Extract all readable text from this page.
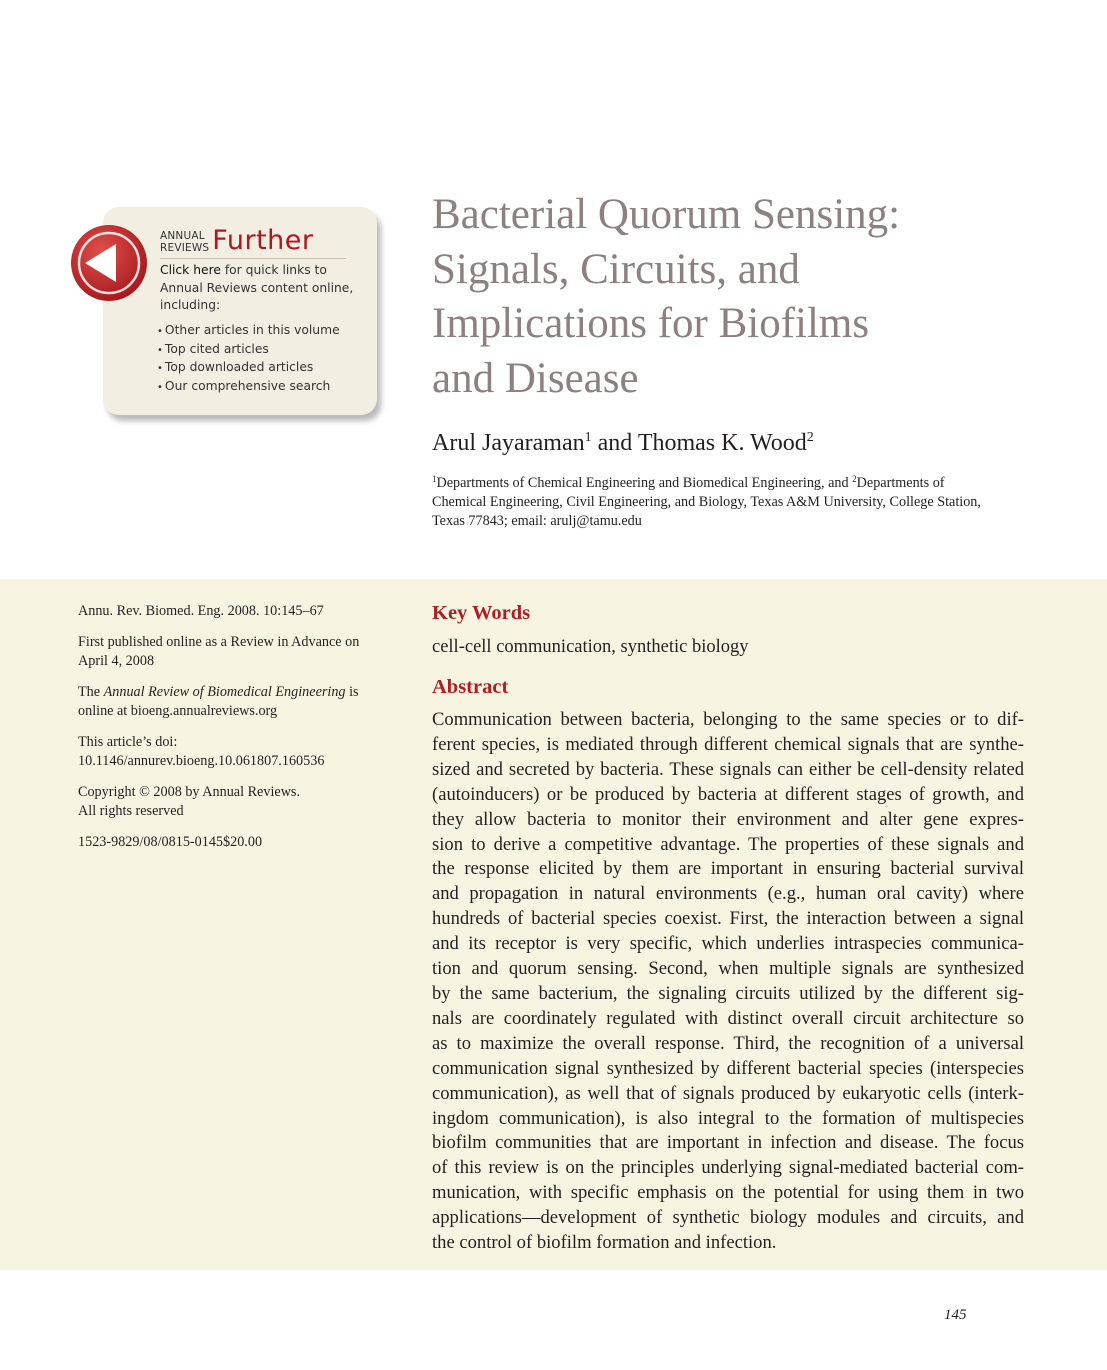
ANNUAL
REVIEWS Further
Click here for quick links to
Annual Reviews content online,
including:
• Other articles in this volume
• Top cited articles
• Top downloaded articles
• Our comprehensive search
Bacterial Quorum Sensing:
Signals, Circuits, and
Implications for Biofilms
and Disease
Arul Jayaraman$^1$ and Thomas K. Wood$^2$
$^1$Departments of Chemical Engineering and Biomedical Engineering, and $^2$Departments of
Chemical Engineering, Civil Engineering, and Biology, Texas A&M University, College Station,
Texas 77843; email: arulj@tamu.edu

Annu. Rev. Biomed. Eng. 2008. 10:145–67

First published online as a Review in Advance on
April 4, 2008

The Annual Review of Biomedical Engineering is
online at bioeng.annualreviews.org

This article’s doi:
10.1146/annurev.bioeng.10.061807.160536

Copyright © 2008 by Annual Reviews.
All rights reserved

1523-9829/08/0815-0145$20.00

Key Words
cell-cell communication, synthetic biology
Abstract
Communication between bacteria, belonging to the same species or to dif-
ferent species, is mediated through different chemical signals that are synthe-
sized and secreted by bacteria. These signals can either be cell-density related
(autoinducers) or be produced by bacteria at different stages of growth, and
they allow bacteria to monitor their environment and alter gene expres-
sion to derive a competitive advantage. The properties of these signals and
the response elicited by them are important in ensuring bacterial survival
and propagation in natural environments (e.g., human oral cavity) where
hundreds of bacterial species coexist. First, the interaction between a signal
and its receptor is very specific, which underlies intraspecies communica-
tion and quorum sensing. Second, when multiple signals are synthesized
by the same bacterium, the signaling circuits utilized by the different sig-
nals are coordinately regulated with distinct overall circuit architecture so
as to maximize the overall response. Third, the recognition of a universal
communication signal synthesized by different bacterial species (interspecies
communication), as well that of signals produced by eukaryotic cells (interk-
ingdom communication), is also integral to the formation of multispecies
biofilm communities that are important in infection and disease. The focus
of this review is on the principles underlying signal-mediated bacterial com-
munication, with specific emphasis on the potential for using them in two
applications—development of synthetic biology modules and circuits, and
the control of biofilm formation and infection.
145
